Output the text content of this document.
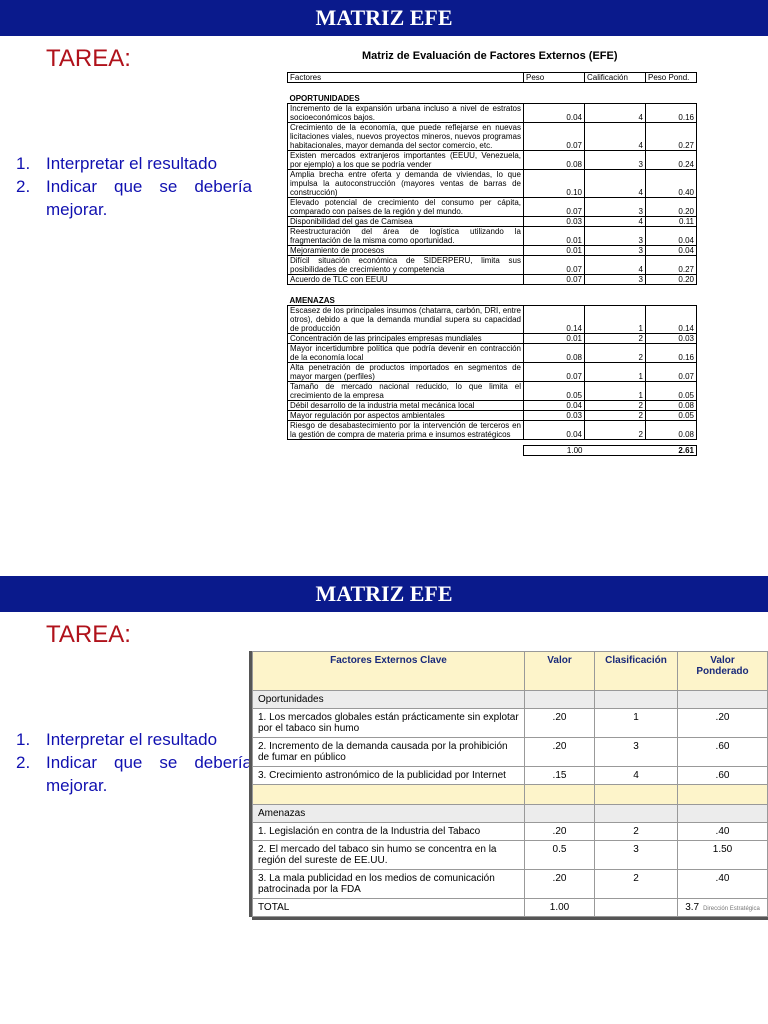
MATRIZ EFE
TAREA:
1. Interpretar el resultado
2. Indicar que se debería mejorar.
Matriz de Evaluación de Factores Externos (EFE)
Factores	Peso	Calificación	Peso Pond.
OPORTUNIDADES			
Incremento de la expansión urbana incluso a nivel de estratos socioeconómicos bajos.	0.04	4	0.16
Crecimiento de la economía, que puede reflejarse en nuevas licitaciones viales, nuevos proyectos mineros, nuevos programas habitacionales, mayor demanda del sector comercio, etc.	0.07	4	0.27
Existen mercados extranjeros importantes (EEUU, Venezuela, por ejemplo) a los que se podría vender	0.08	3	0.24
Amplia brecha entre oferta y demanda de viviendas, lo que impulsa la autoconstrucción (mayores ventas de barras de construcción)	0.10	4	0.40
Elevado potencial de crecimiento del consumo per cápita, comparado con países de la región y del mundo.	0.07	3	0.20
Disponibilidad del gas de Camisea	0.03	4	0.11
Reestructuración del área de logística utilizando la fragmentación de la misma como oportunidad.	0.01	3	0.04
Mejoramiento de procesos	0.01	3	0.04
Difícil situación económica de SIDERPERU, limita sus posibilidades de crecimiento y competencia	0.07	4	0.27
Acuerdo de TLC con EEUU	0.07	3	0.20
AMENAZAS			
Escasez de los principales insumos (chatarra, carbón, DRI, entre otros), debido a que la demanda mundial supera su capacidad de producción	0.14	1	0.14
Concentración de las principales empresas mundiales	0.01	2	0.03
Mayor incertidumbre política que podría devenir en contracción de la economía local	0.08	2	0.16
Alta penetración de productos importados en segmentos de mayor margen (perfiles)	0.07	1	0.07
Tamaño de mercado nacional reducido, lo que limita el crecimiento de la empresa	0.05	1	0.05
Débil desarrollo de la industria metal mecánica local	0.04	2	0.08
Mayor regulación por aspectos ambientales	0.03	2	0.05
Riesgo de desabastecimiento por la intervención de terceros en la gestión de compra de materia prima e insumos estratégicos	0.04	2	0.08

	1.00		2.61
MATRIZ EFE
TAREA:
1. Interpretar el resultado
2. Indicar que se debería mejorar.
Factores Externos Clave	Valor	Clasificación	Valor Ponderado
Oportunidades			
1. Los mercados globales están prácticamente sin explotar por el tabaco sin humo	.20	1	.20
2. Incremento de la demanda causada por la prohibición de fumar en público	.20	3	.60
3. Crecimiento astronómico de la publicidad por Internet	.15	4	.60

Amenazas			
1. Legislación en contra de la Industria del Tabaco	.20	2	.40
2. El mercado del tabaco sin humo se concentra en la región del sureste de EE.UU.	0.5	3	1.50
3. La mala publicidad en los medios de comunicación patrocinada por la FDA	.20	2	.40
TOTAL	1.00		3.7 Dirección Estratégica
